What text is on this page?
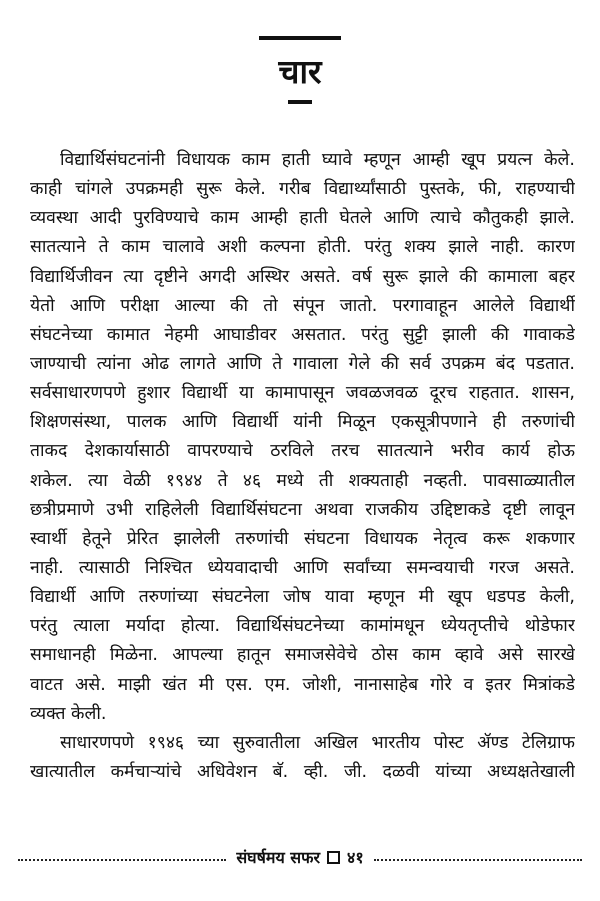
चार
विद्यार्थिसंघटनांनी विधायक काम हाती घ्यावे म्हणून आम्ही खूप प्रयत्न केले.
काही चांगले उपक्रमही सुरू केले. गरीब विद्यार्थ्यांसाठी पुस्तके, फी, राहण्याची
व्यवस्था आदी पुरविण्याचे काम आम्ही हाती घेतले आणि त्याचे कौतुकही झाले.
सातत्याने ते काम चालावे अशी कल्पना होती. परंतु शक्य झाले नाही. कारण
विद्यार्थिजीवन त्या दृष्टीने अगदी अस्थिर असते. वर्ष सुरू झाले की कामाला बहर
येतो आणि परीक्षा आल्या की तो संपून जातो. परगावाहून आलेले विद्यार्थी
संघटनेच्या कामात नेहमी आघाडीवर असतात. परंतु सुट्टी झाली की गावाकडे
जाण्याची त्यांना ओढ लागते आणि ते गावाला गेले की सर्व उपक्रम बंद पडतात.
सर्वसाधारणपणे हुशार विद्यार्थी या कामापासून जवळजवळ दूरच राहतात. शासन,
शिक्षणसंस्था, पालक आणि विद्यार्थी यांनी मिळून एकसूत्रीपणाने ही तरुणांची
ताकद देशकार्यासाठी वापरण्याचे ठरविले तरच सातत्याने भरीव कार्य होऊ
शकेल. त्या वेळी १९४४ ते ४६ मध्ये ती शक्यताही नव्हती. पावसाळ्यातील
छत्रीप्रमाणे उभी राहिलेली विद्यार्थिसंघटना अथवा राजकीय उद्दिष्टाकडे दृष्टी लावून
स्वार्थी हेतूने प्रेरित झालेली तरुणांची संघटना विधायक नेतृत्व करू शकणार
नाही. त्यासाठी निश्चित ध्येयवादाची आणि सर्वांच्या समन्वयाची गरज असते.
विद्यार्थी आणि तरुणांच्या संघटनेला जोष यावा म्हणून मी खूप धडपड केली,
परंतु त्याला मर्यादा होत्या. विद्यार्थिसंघटनेच्या कामांमधून ध्येयतृप्तीचे थोडेफार
समाधानही मिळेना. आपल्या हातून समाजसेवेचे ठोस काम व्हावे असे सारखे
वाटत असे. माझी खंत मी एस. एम. जोशी, नानासाहेब गोरे व इतर मित्रांकडे
व्यक्त केली.
साधारणपणे १९४६ च्या सुरुवातीला अखिल भारतीय पोस्ट ॲण्ड टेलिग्राफ
खात्यातील कर्मचाऱ्यांचे अधिवेशन बॅ. व्ही. जी. दळवी यांच्या अध्यक्षतेखाली
संघर्षमय सफर ४१
